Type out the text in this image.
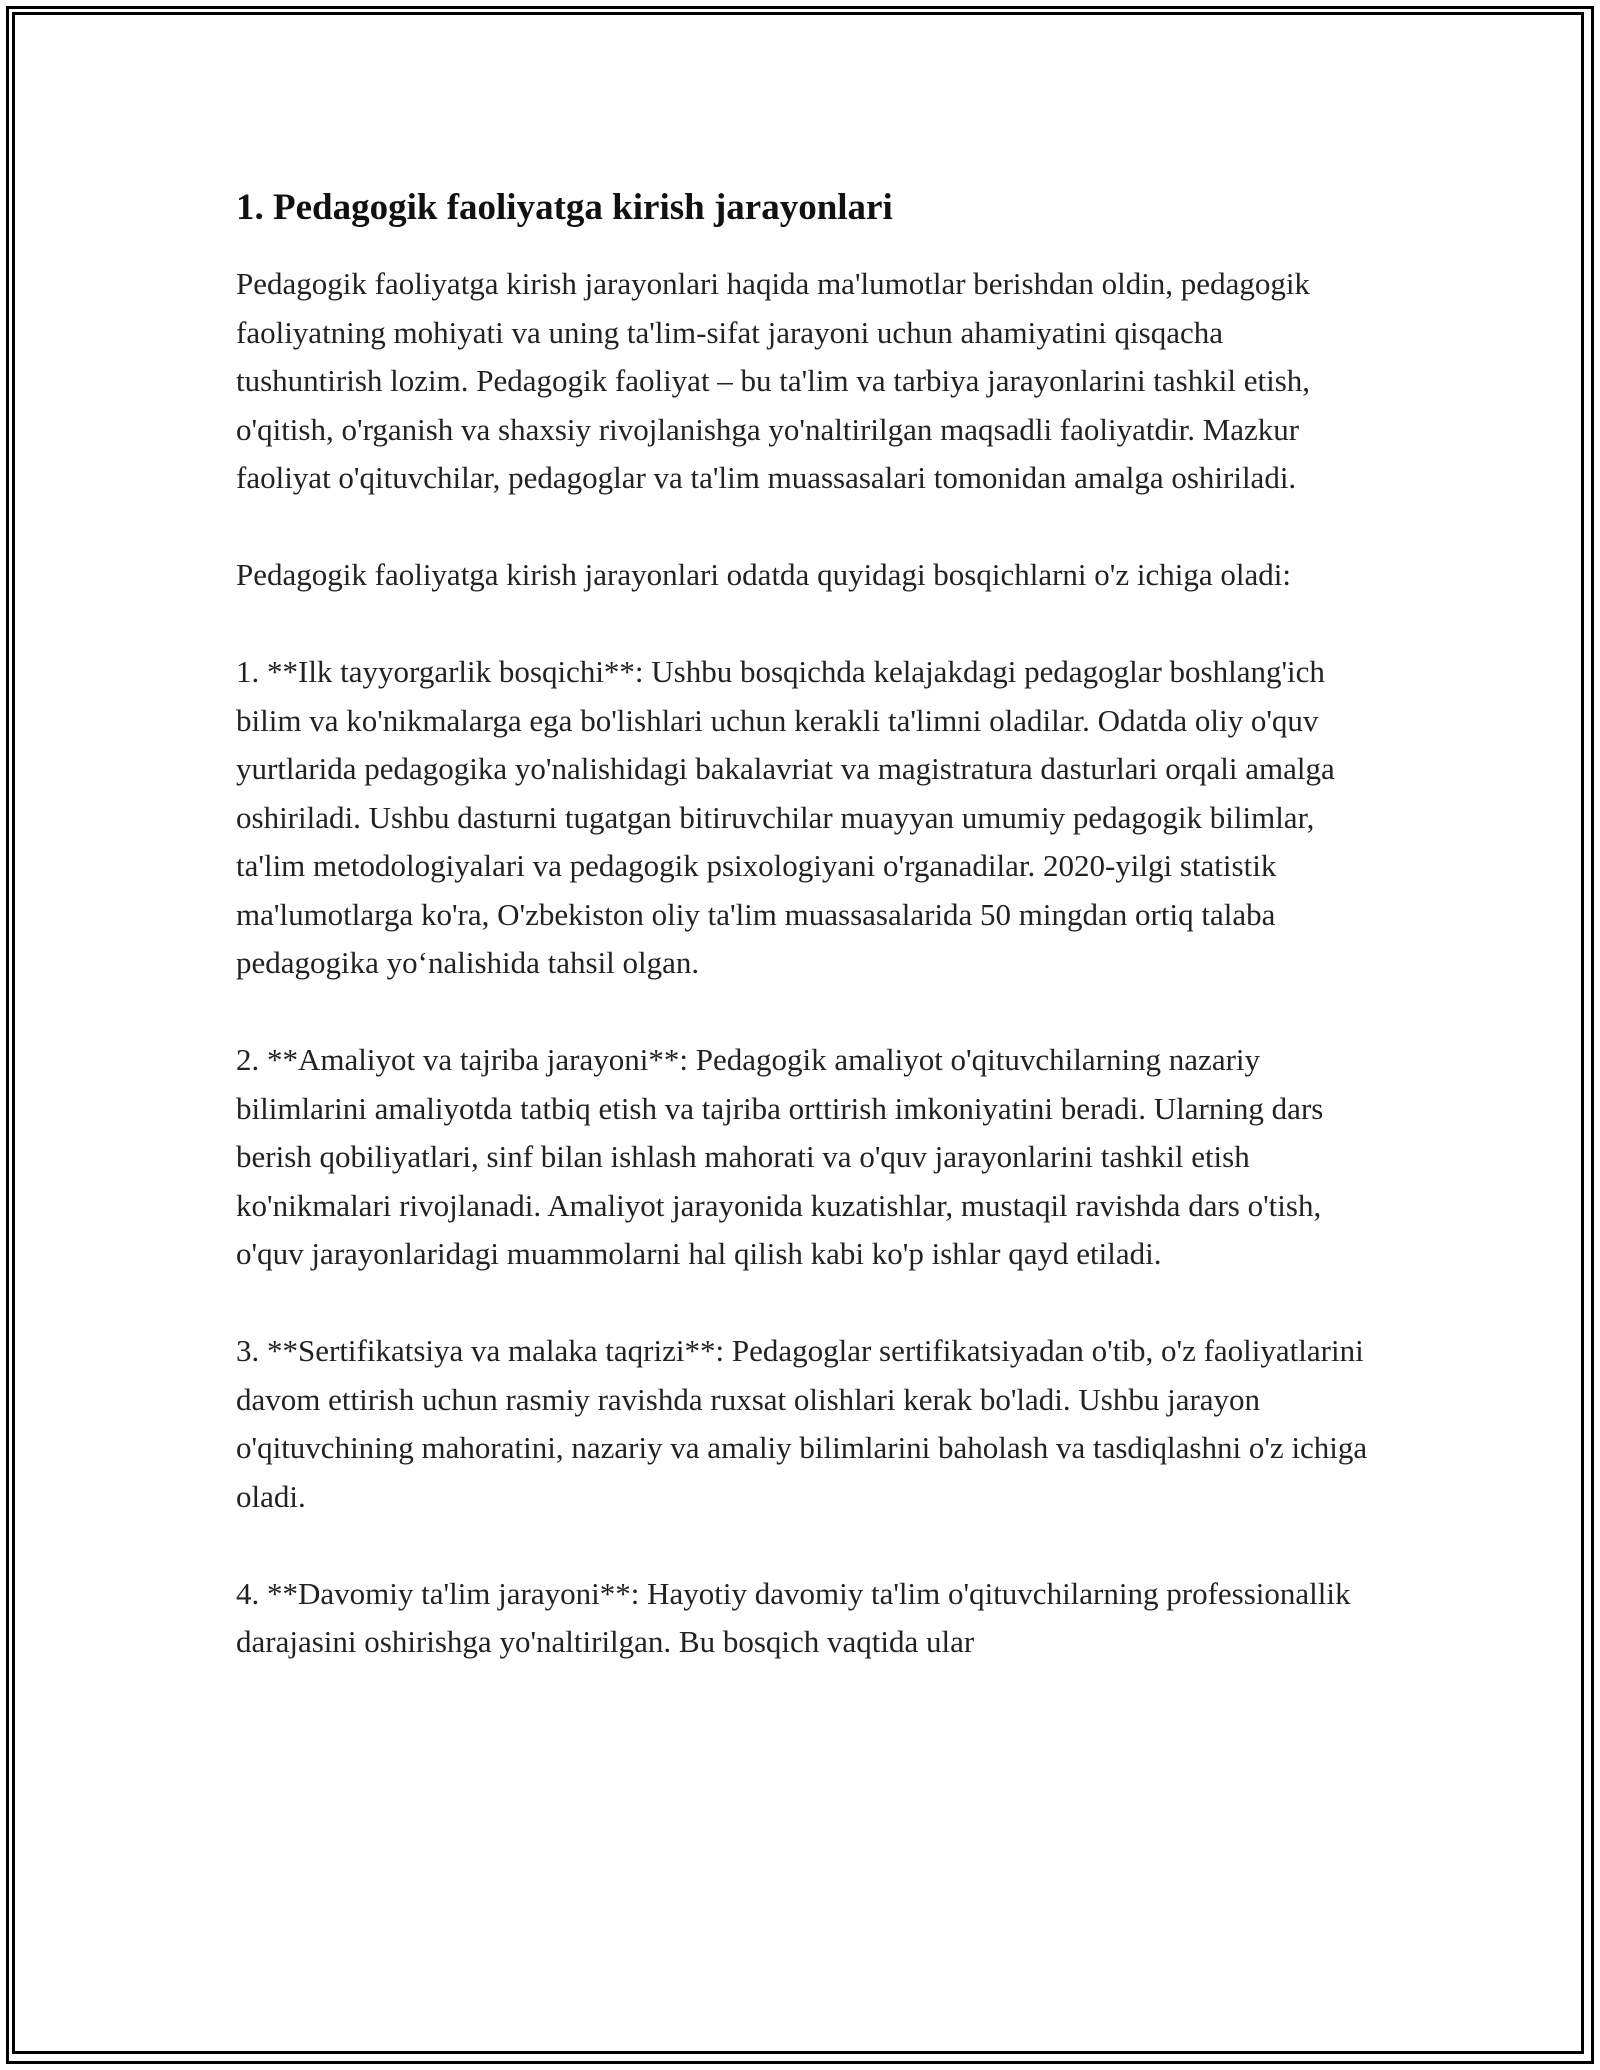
1. Pedagogik faoliyatga kirish jarayonlari

Pedagogik faoliyatga kirish jarayonlari haqida ma'lumotlar berishdan oldin, pedagogik faoliyatning mohiyati va uning ta'lim-sifat jarayoni uchun ahamiyatini qisqacha tushuntirish lozim. Pedagogik faoliyat – bu ta'lim va tarbiya jarayonlarini tashkil etish, o'qitish, o'rganish va shaxsiy rivojlanishga yo'naltirilgan maqsadli faoliyatdir. Mazkur faoliyat o'qituvchilar, pedagoglar va ta'lim muassasalari tomonidan amalga oshiriladi.

Pedagogik faoliyatga kirish jarayonlari odatda quyidagi bosqichlarni o'z ichiga oladi:

1. **Ilk tayyorgarlik bosqichi**: Ushbu bosqichda kelajakdagi pedagoglar boshlang'ich bilim va ko'nikmalarga ega bo'lishlari uchun kerakli ta'limni oladilar. Odatda oliy o'quv yurtlarida pedagogika yo'nalishidagi bakalavriat va magistratura dasturlari orqali amalga oshiriladi. Ushbu dasturni tugatgan bitiruvchilar muayyan umumiy pedagogik bilimlar, ta'lim metodologiyalari va pedagogik psixologiyani o'rganadilar. 2020-yilgi statistik ma'lumotlarga ko'ra, O'zbekiston oliy ta'lim muassasalarida 50 mingdan ortiq talaba pedagogika yo‘nalishida tahsil olgan.

2. **Amaliyot va tajriba jarayoni**: Pedagogik amaliyot o'qituvchilarning nazariy bilimlarini amaliyotda tatbiq etish va tajriba orttirish imkoniyatini beradi. Ularning dars berish qobiliyatlari, sinf bilan ishlash mahorati va o'quv jarayonlarini tashkil etish ko'nikmalari rivojlanadi. Amaliyot jarayonida kuzatishlar, mustaqil ravishda dars o'tish, o'quv jarayonlaridagi muammolarni hal qilish kabi ko'p ishlar qayd etiladi.

3. **Sertifikatsiya va malaka taqrizi**: Pedagoglar sertifikatsiyadan o'tib, o'z faoliyatlarini davom ettirish uchun rasmiy ravishda ruxsat olishlari kerak bo'ladi. Ushbu jarayon o'qituvchining mahoratini, nazariy va amaliy bilimlarini baholash va tasdiqlashni o'z ichiga oladi.

4. **Davomiy ta'lim jarayoni**: Hayotiy davomiy ta'lim o'qituvchilarning professionallik darajasini oshirishga yo'naltirilgan. Bu bosqich vaqtida ular
